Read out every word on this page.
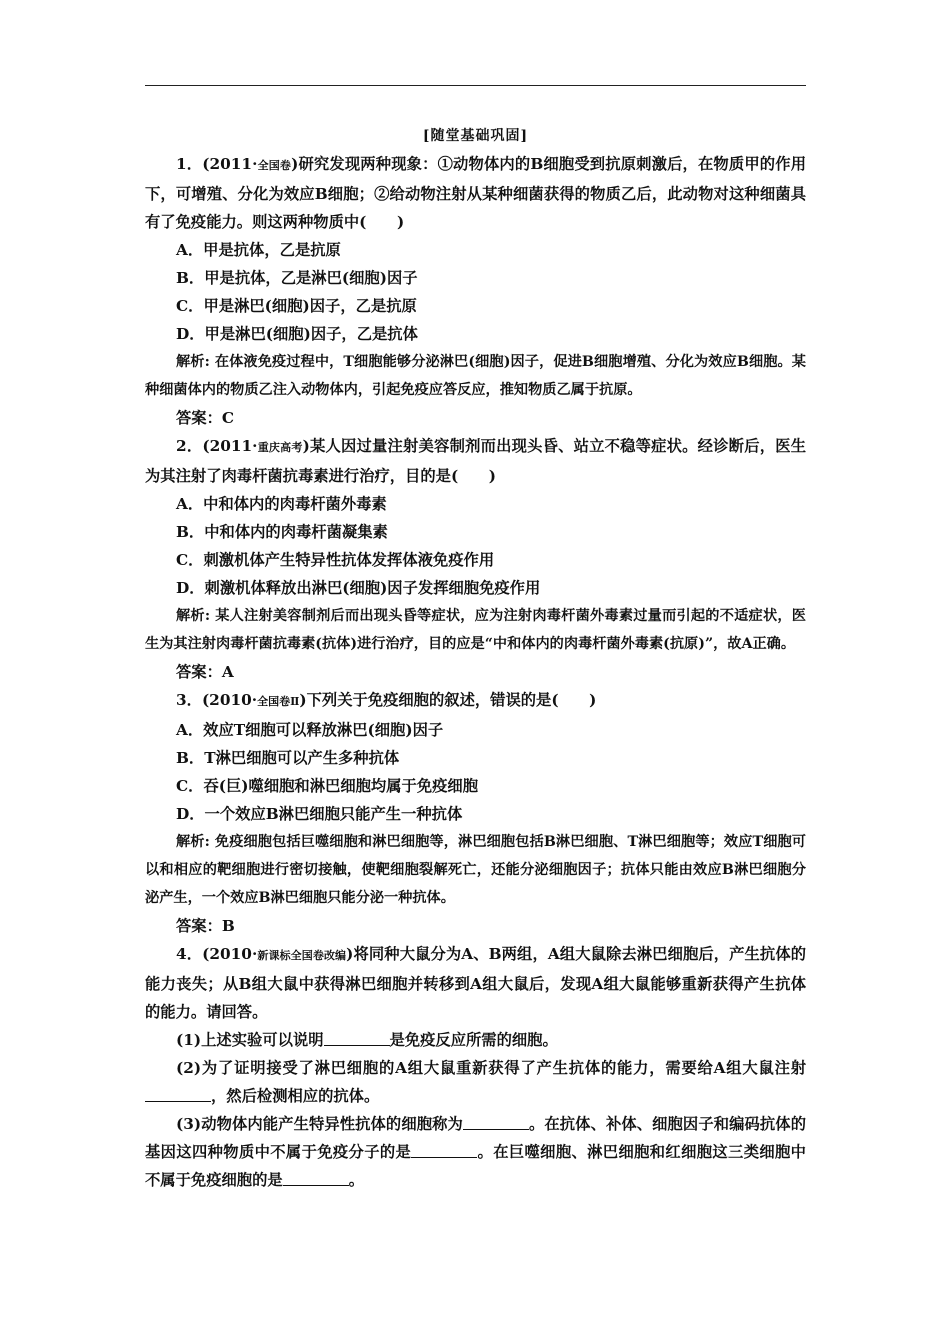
[随堂基础巩固]

1．(2011·全国卷)研究发现两种现象：①动物体内的B细胞受到抗原刺激后，在物质甲的作用下，可增殖、分化为效应B细胞；②给动物注射从某种细菌获得的物质乙后，此动物对这种细菌具有了免疫能力。则这两种物质中(　　)

A．甲是抗体，乙是抗原

B．甲是抗体，乙是淋巴(细胞)因子

C．甲是淋巴(细胞)因子，乙是抗原

D．甲是淋巴(细胞)因子，乙是抗体

解析: 在体液免疫过程中，T细胞能够分泌淋巴(细胞)因子，促进B细胞增殖、分化为效应B细胞。某种细菌体内的物质乙注入动物体内，引起免疫应答反应，推知物质乙属于抗原。

答案：C

2．(2011·重庆高考)某人因过量注射美容制剂而出现头昏、站立不稳等症状。经诊断后，医生为其注射了肉毒杆菌抗毒素进行治疗，目的是(　　)

A．中和体内的肉毒杆菌外毒素

B．中和体内的肉毒杆菌凝集素

C．刺激机体产生特异性抗体发挥体液免疫作用

D．刺激机体释放出淋巴(细胞)因子发挥细胞免疫作用

解析: 某人注射美容制剂后而出现头昏等症状，应为注射肉毒杆菌外毒素过量而引起的不适症状，医生为其注射肉毒杆菌抗毒素(抗体)进行治疗，目的应是“中和体内的肉毒杆菌外毒素(抗原)”，故A正确。

答案：A

3．(2010·全国卷Ⅱ)下列关于免疫细胞的叙述，错误的是(　　)

A．效应T细胞可以释放淋巴(细胞)因子

B．T淋巴细胞可以产生多种抗体

C．吞(巨)噬细胞和淋巴细胞均属于免疫细胞

D．一个效应B淋巴细胞只能产生一种抗体

解析: 免疫细胞包括巨噬细胞和淋巴细胞等，淋巴细胞包括B淋巴细胞、T淋巴细胞等；效应T细胞可以和相应的靶细胞进行密切接触，使靶细胞裂解死亡，还能分泌细胞因子；抗体只能由效应B淋巴细胞分泌产生，一个效应B淋巴细胞只能分泌一种抗体。

答案：B

4．(2010·新课标全国卷改编)将同种大鼠分为A、B两组，A组大鼠除去淋巴细胞后，产生抗体的能力丧失；从B组大鼠中获得淋巴细胞并转移到A组大鼠后，发现A组大鼠能够重新获得产生抗体的能力。请回答。

(1)上述实验可以说明	是免疫反应所需的细胞。

(2)为了证明接受了淋巴细胞的A组大鼠重新获得了产生抗体的能力，需要给A组大鼠注射，然后检测相应的抗体。

(3)动物体内能产生特异性抗体的细胞称为	。在抗体、补体、细胞因子和编码抗体的基因这四种物质中不属于免疫分子的是	。在巨噬细胞、淋巴细胞和红细胞这三类细胞中不属于免疫细胞的是	。
